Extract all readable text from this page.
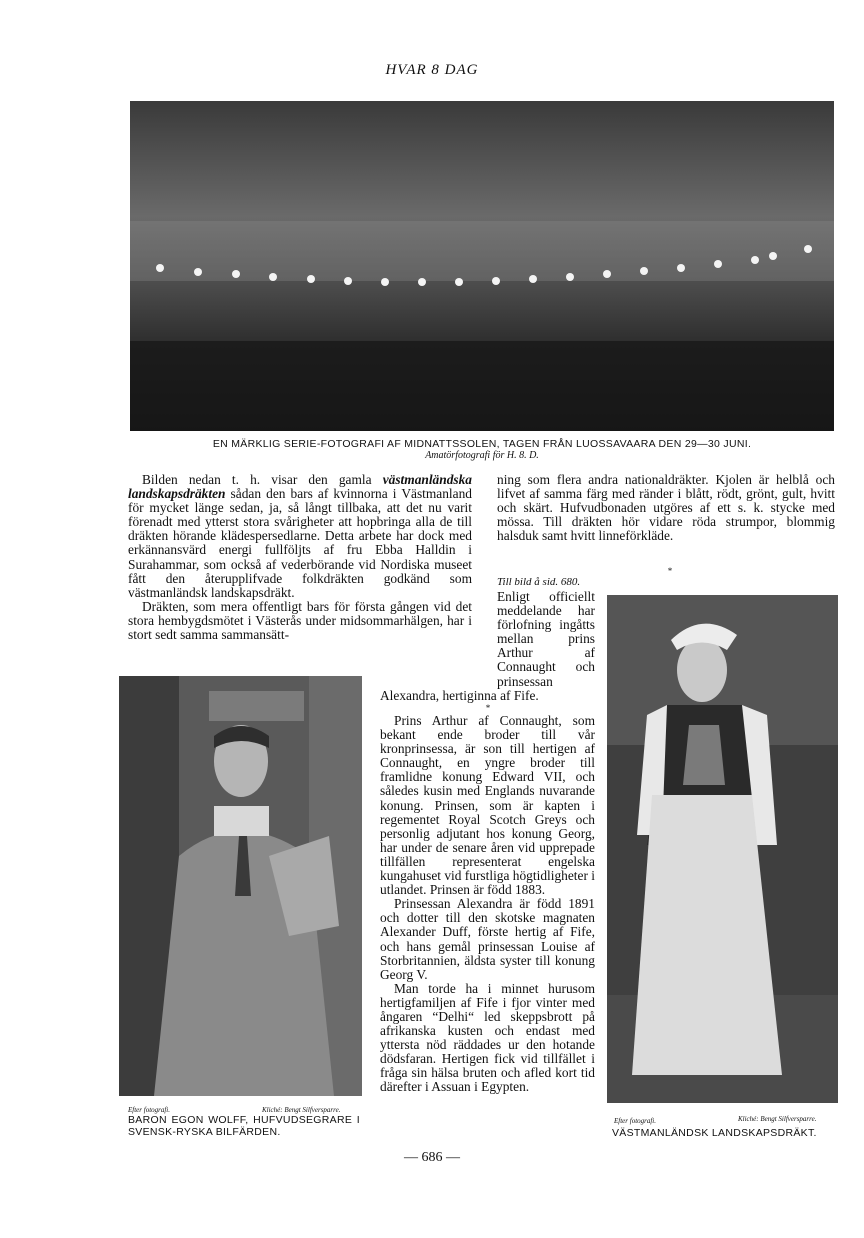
HVAR 8 DAG
EN MÄRKLIG SERIE-FOTOGRAFI AF MIDNATTSSOLEN, TAGEN FRÅN LUOSSAVAARA DEN 29—30 JUNI.
Amatörfotografi för H. 8. D.

Bilden nedan t. h. visar den gamla västmanländska landskapsdräkten sådan den bars af kvinnorna i Västmanland för mycket länge sedan, ja, så långt tillbaka, att det nu varit förenadt med ytterst stora svårigheter att hopbringa alla de till dräkten hörande klädespersedlarne. Detta arbete har dock med erkännansvärd energi fullföljts af fru Ebba Halldin i Surahammar, som också af vederbörande vid Nordiska museet fått den återupplifvade folkdräkten godkänd som västmanländsk landskapsdräkt.

Dräkten, som mera offentligt bars för första gången vid det stora hembygdsmötet i Västerås under midsommarhälgen, har i stort sedt samma sammansätt-

ning som flera andra nationaldräkter. Kjolen är helblå och lifvet af samma färg med ränder i blått, rödt, grönt, gult, hvitt och skärt. Hufvudbonaden utgöres af ett s. k. stycke med mössa. Till dräkten hör vidare röda strumpor, blommig halsduk samt hvitt linneförkläde.

*
Till bild å sid. 680.

Enligt officiellt meddelande har förlofning ingåtts mellan prins Arthur af Connaught och prinsessan Alexandra, hertiginna af Fife.

*

Prins Arthur af Connaught, som bekant ende broder till vår kronprinsessa, är son till hertigen af Connaught, en yngre broder till framlidne konung Edward VII, och således kusin med Englands nuvarande konung. Prinsen, som är kapten i regementet Royal Scotch Greys och personlig adjutant hos konung Georg, har under de senare åren vid upprepade tillfällen representerat engelska kungahuset vid furstliga högtidligheter i utlandet. Prinsen är född 1883.

Prinsessan Alexandra är född 1891 och dotter till den skotske magnaten Alexander Duff, förste hertig af Fife, och hans gemål prinsessan Louise af Storbritannien, äldsta syster till konung Georg V.

Man torde ha i minnet hurusom hertigfamiljen af Fife i fjor vinter med ångaren “Delhi“ led skeppsbrott på afrikanska kusten och endast med yttersta nöd räddades ur den hotande dödsfaran. Hertigen fick vid tillfället i fråga sin hälsa bruten och afled kort tid därefter i Assuan i Egypten.

Efter fotografi.	Kliché: Bengt Silfversparre.
BARON EGON WOLFF, HUFVUDSEGRARE I SVENSK-RYSKA BILFÄRDEN.
Efter fotografi.	Kliché: Bengt Silfversparre.
VÄSTMANLÄNDSK LANDSKAPSDRÄKT.
— 686 —
